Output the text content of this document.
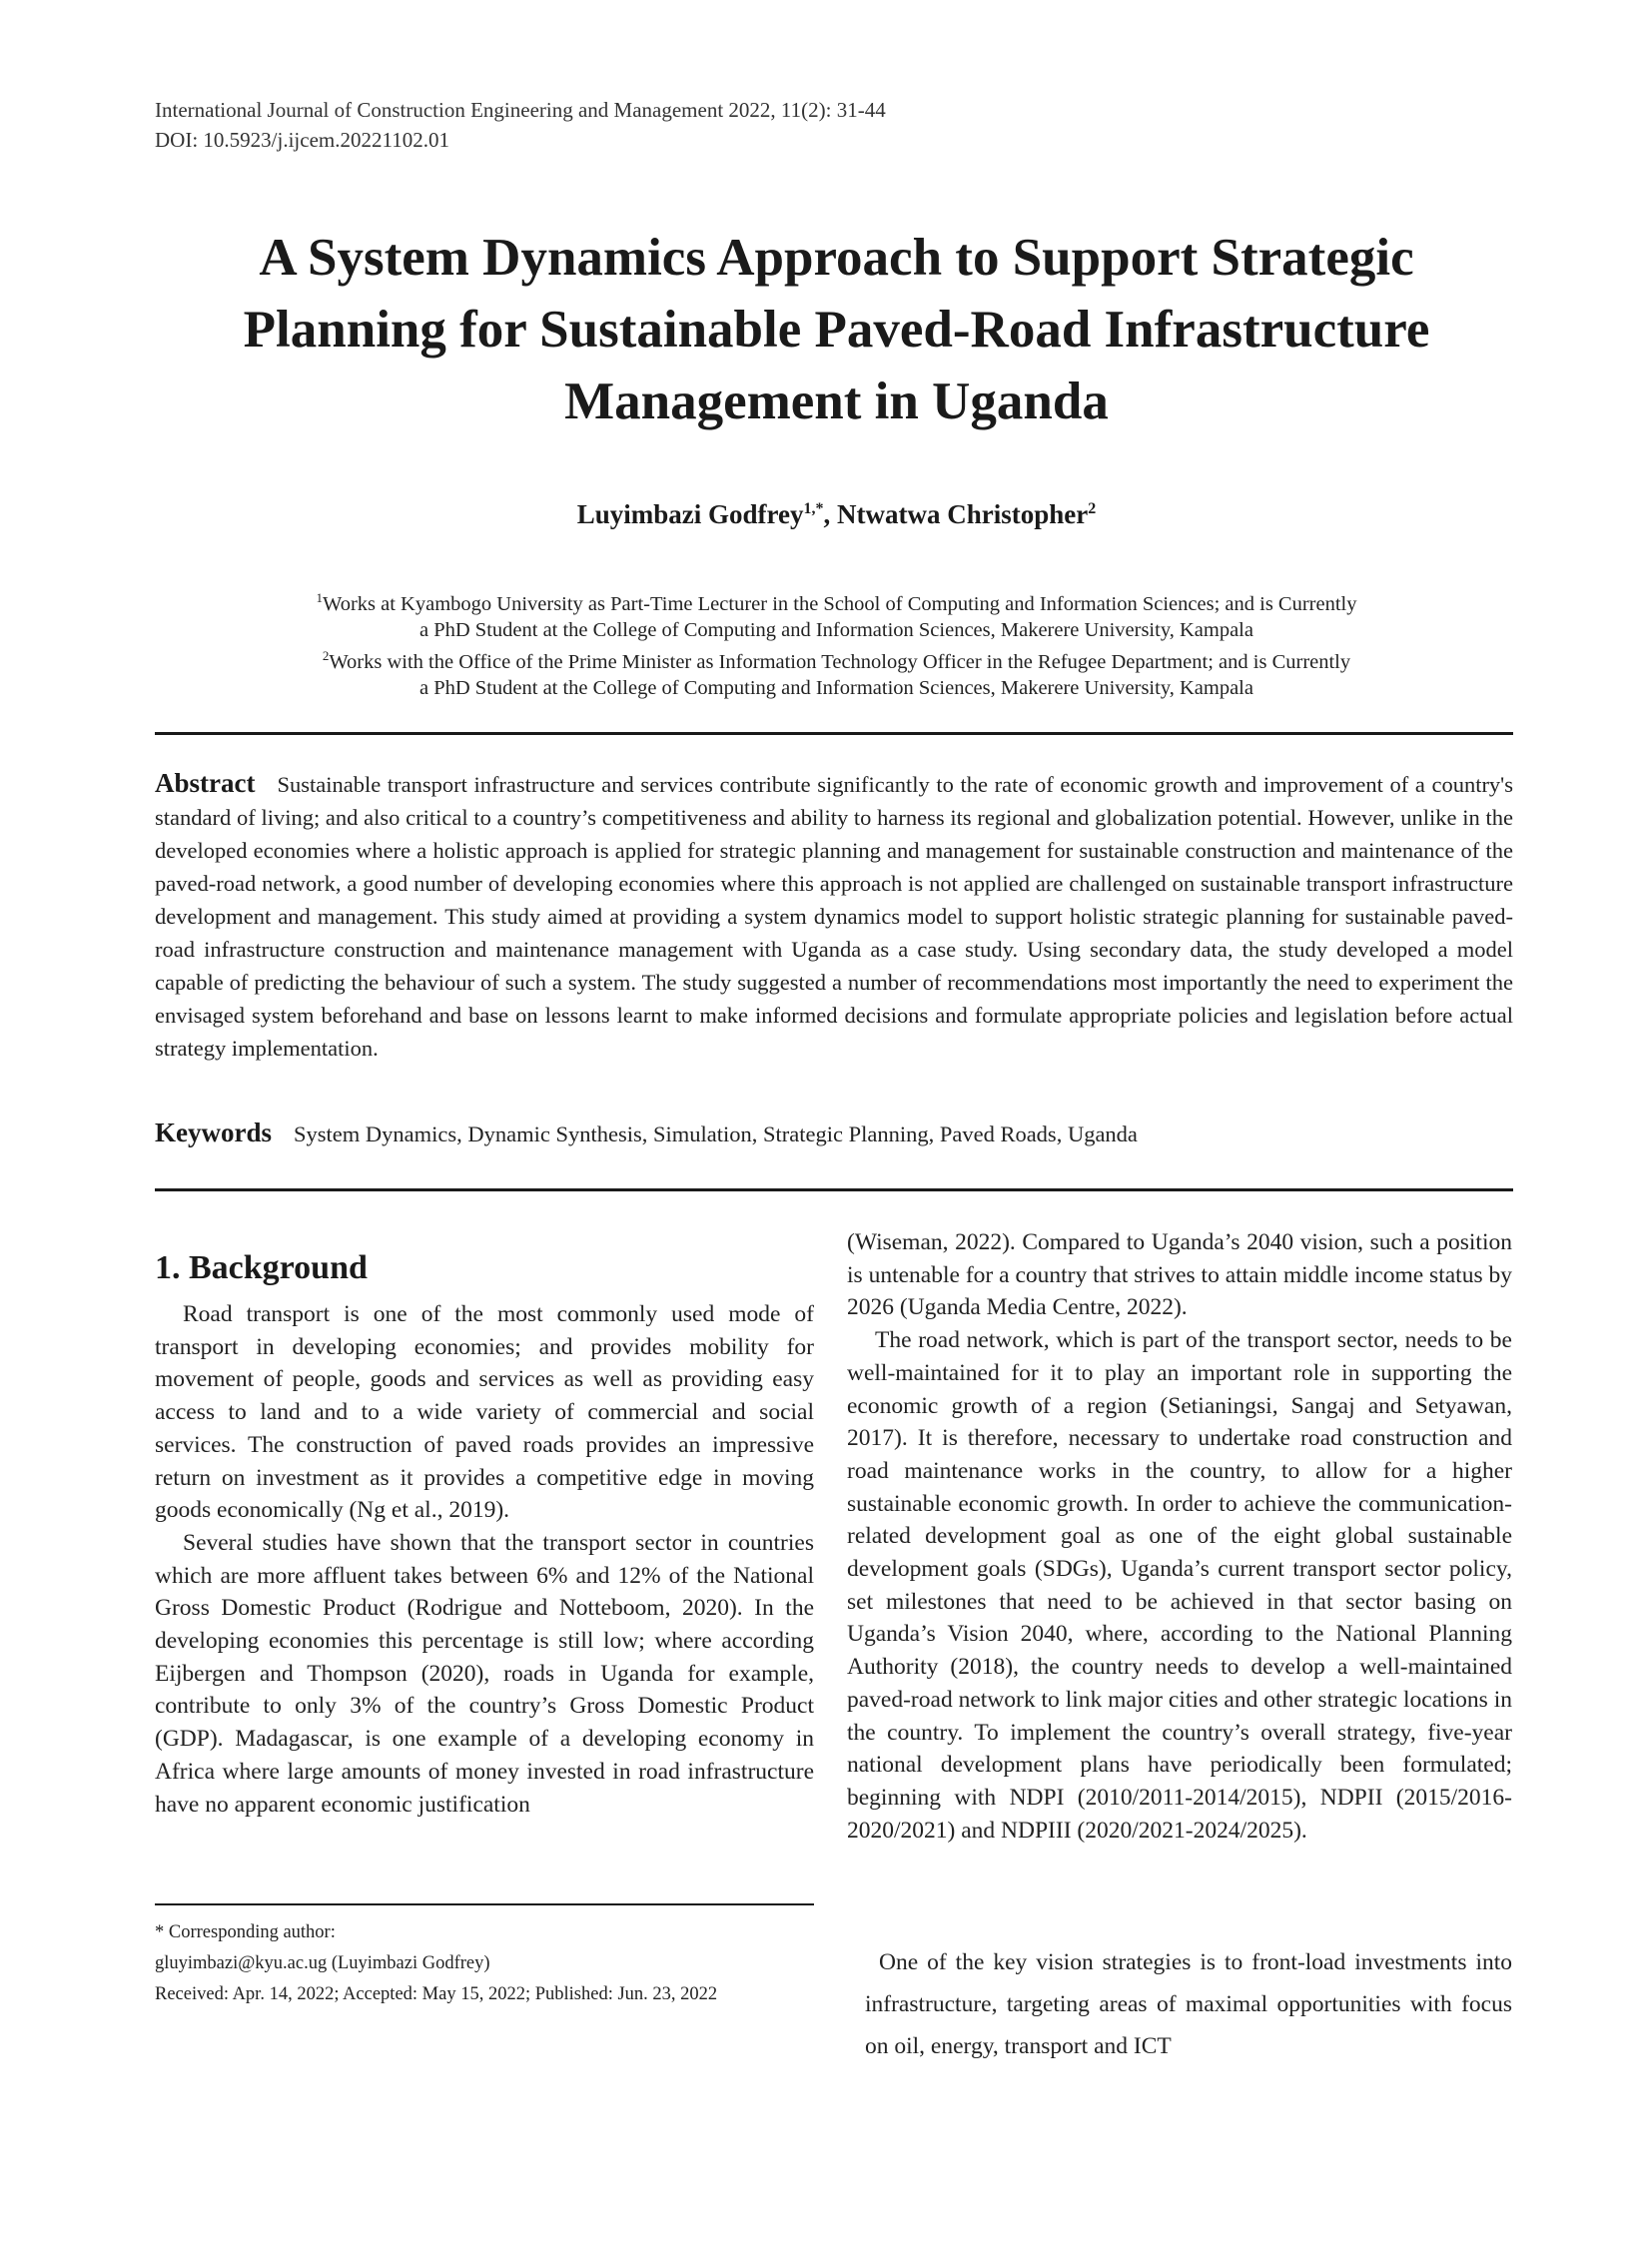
International Journal of Construction Engineering and Management 2022, 11(2): 31-44
DOI: 10.5923/j.ijcem.20221102.01
A System Dynamics Approach to Support Strategic
Planning for Sustainable Paved-Road Infrastructure
Management in Uganda
Luyimbazi Godfrey$^{1,*}$, Ntwatwa Christopher$^2$
$^1$Works at Kyambogo University as Part-Time Lecturer in the School of Computing and Information Sciences; and is Currently
a PhD Student at the College of Computing and Information Sciences, Makerere University, Kampala
$^2$Works with the Office of the Prime Minister as Information Technology Officer in the Refugee Department; and is Currently
a PhD Student at the College of Computing and Information Sciences, Makerere University, Kampala

Abstract Sustainable transport infrastructure and services contribute significantly to the rate of economic growth and improvement of a country's standard of living; and also critical to a country’s competitiveness and ability to harness its regional and globalization potential. However, unlike in the developed economies where a holistic approach is applied for strategic planning and management for sustainable construction and maintenance of the paved-road network, a good number of developing economies where this approach is not applied are challenged on sustainable transport infrastructure development and management. This study aimed at providing a system dynamics model to support holistic strategic planning for sustainable paved-road infrastructure construction and maintenance management with Uganda as a case study. Using secondary data, the study developed a model capable of predicting the behaviour of such a system. The study suggested a number of recommendations most importantly the need to experiment the envisaged system beforehand and base on lessons learnt to make informed decisions and formulate appropriate policies and legislation before actual strategy implementation.

Keywords System Dynamics, Dynamic Synthesis, Simulation, Strategic Planning, Paved Roads, Uganda

1. Background

Road transport is one of the most commonly used mode of transport in developing economies; and provides mobility for movement of people, goods and services as well as providing easy access to land and to a wide variety of commercial and social services. The construction of paved roads provides an impressive return on investment as it provides a competitive edge in moving goods economically (Ng et al., 2019).

Several studies have shown that the transport sector in countries which are more affluent takes between 6% and 12% of the National Gross Domestic Product (Rodrigue and Notteboom, 2020). In the developing economies this percentage is still low; where according Eijbergen and Thompson (2020), roads in Uganda for example, contribute to only 3% of the country’s Gross Domestic Product (GDP). Madagascar, is one example of a developing economy in Africa where large amounts of money invested in road infrastructure have no apparent economic justification

(Wiseman, 2022). Compared to Uganda’s 2040 vision, such a position is untenable for a country that strives to attain middle income status by 2026 (Uganda Media Centre, 2022).

The road network, which is part of the transport sector, needs to be well-maintained for it to play an important role in supporting the economic growth of a region (Setianingsi, Sangaj and Setyawan, 2017). It is therefore, necessary to undertake road construction and road maintenance works in the country, to allow for a higher sustainable economic growth. In order to achieve the communication-related development goal as one of the eight global sustainable development goals (SDGs), Uganda’s current transport sector policy, set milestones that need to be achieved in that sector basing on Uganda’s Vision 2040, where, according to the National Planning Authority (2018), the country needs to develop a well-maintained paved-road network to link major cities and other strategic locations in the country. To implement the country’s overall strategy, five-year national development plans have periodically been formulated; beginning with NDPI (2010/2011-2014/2015), NDPII (2015/2016-2020/2021) and NDPIII (2020/2021-2024/2025).

One of the key vision strategies is to front-load investments into infrastructure, targeting areas of maximal opportunities with focus on oil, energy, transport and ICT

* Corresponding author:
gluyimbazi@kyu.ac.ug (Luyimbazi Godfrey)
Received: Apr. 14, 2022; Accepted: May 15, 2022; Published: Jun. 23, 2022
